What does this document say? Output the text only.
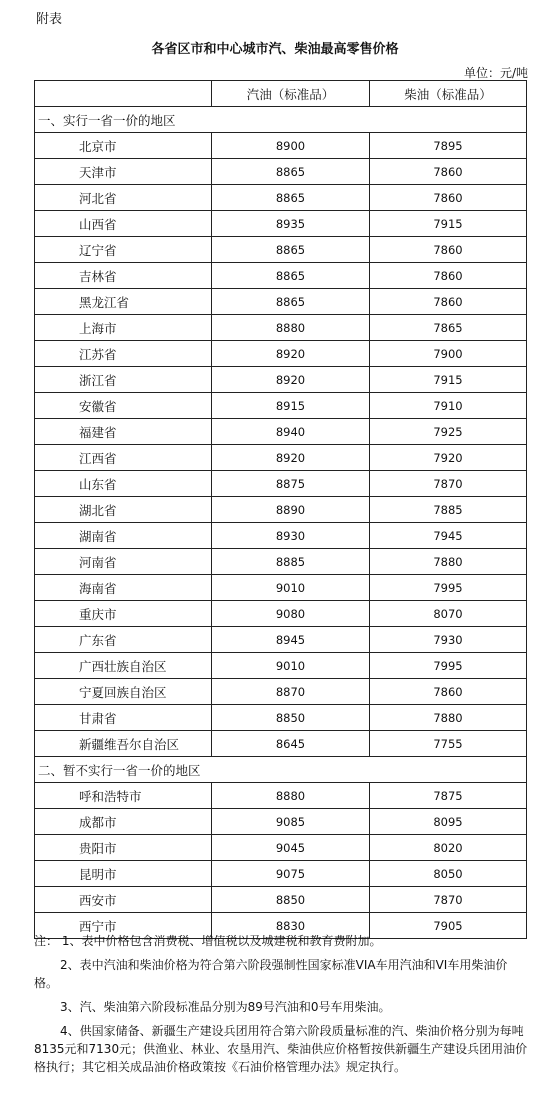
附表
各省区市和中心城市汽、柴油最高零售价格
单位：元/吨
	汽油（标准品）	柴油（标准品）
一、实行一省一价的地区		
北京市	8900	7895
天津市	8865	7860
河北省	8865	7860
山西省	8935	7915
辽宁省	8865	7860
吉林省	8865	7860
黑龙江省	8865	7860
上海市	8880	7865
江苏省	8920	7900
浙江省	8920	7915
安徽省	8915	7910
福建省	8940	7925
江西省	8920	7920
山东省	8875	7870
湖北省	8890	7885
湖南省	8930	7945
河南省	8885	7880
海南省	9010	7995
重庆市	9080	8070
广东省	8945	7930
广西壮族自治区	9010	7995
宁夏回族自治区	8870	7860
甘肃省	8850	7880
新疆维吾尔自治区	8645	7755
二、暂不实行一省一价的地区		
呼和浩特市	8880	7875
成都市	9085	8095
贵阳市	9045	8020
昆明市	9075	8050
西安市	8850	7870
西宁市	8830	7905

注： 1、表中价格包含消费税、增值税以及城建税和教育费附加。

2、表中汽油和柴油价格为符合第六阶段强制性国家标准VIA车用汽油和VI车用柴油价格。

3、汽、柴油第六阶段标准品分别为89号汽油和0号车用柴油。

4、供国家储备、新疆生产建设兵团用符合第六阶段质量标准的汽、柴油价格分别为每吨8135元和7130元；供渔业、林业、农垦用汽、柴油供应价格暂按供新疆生产建设兵团用油价格执行；其它相关成品油价格政策按《石油价格管理办法》规定执行。
